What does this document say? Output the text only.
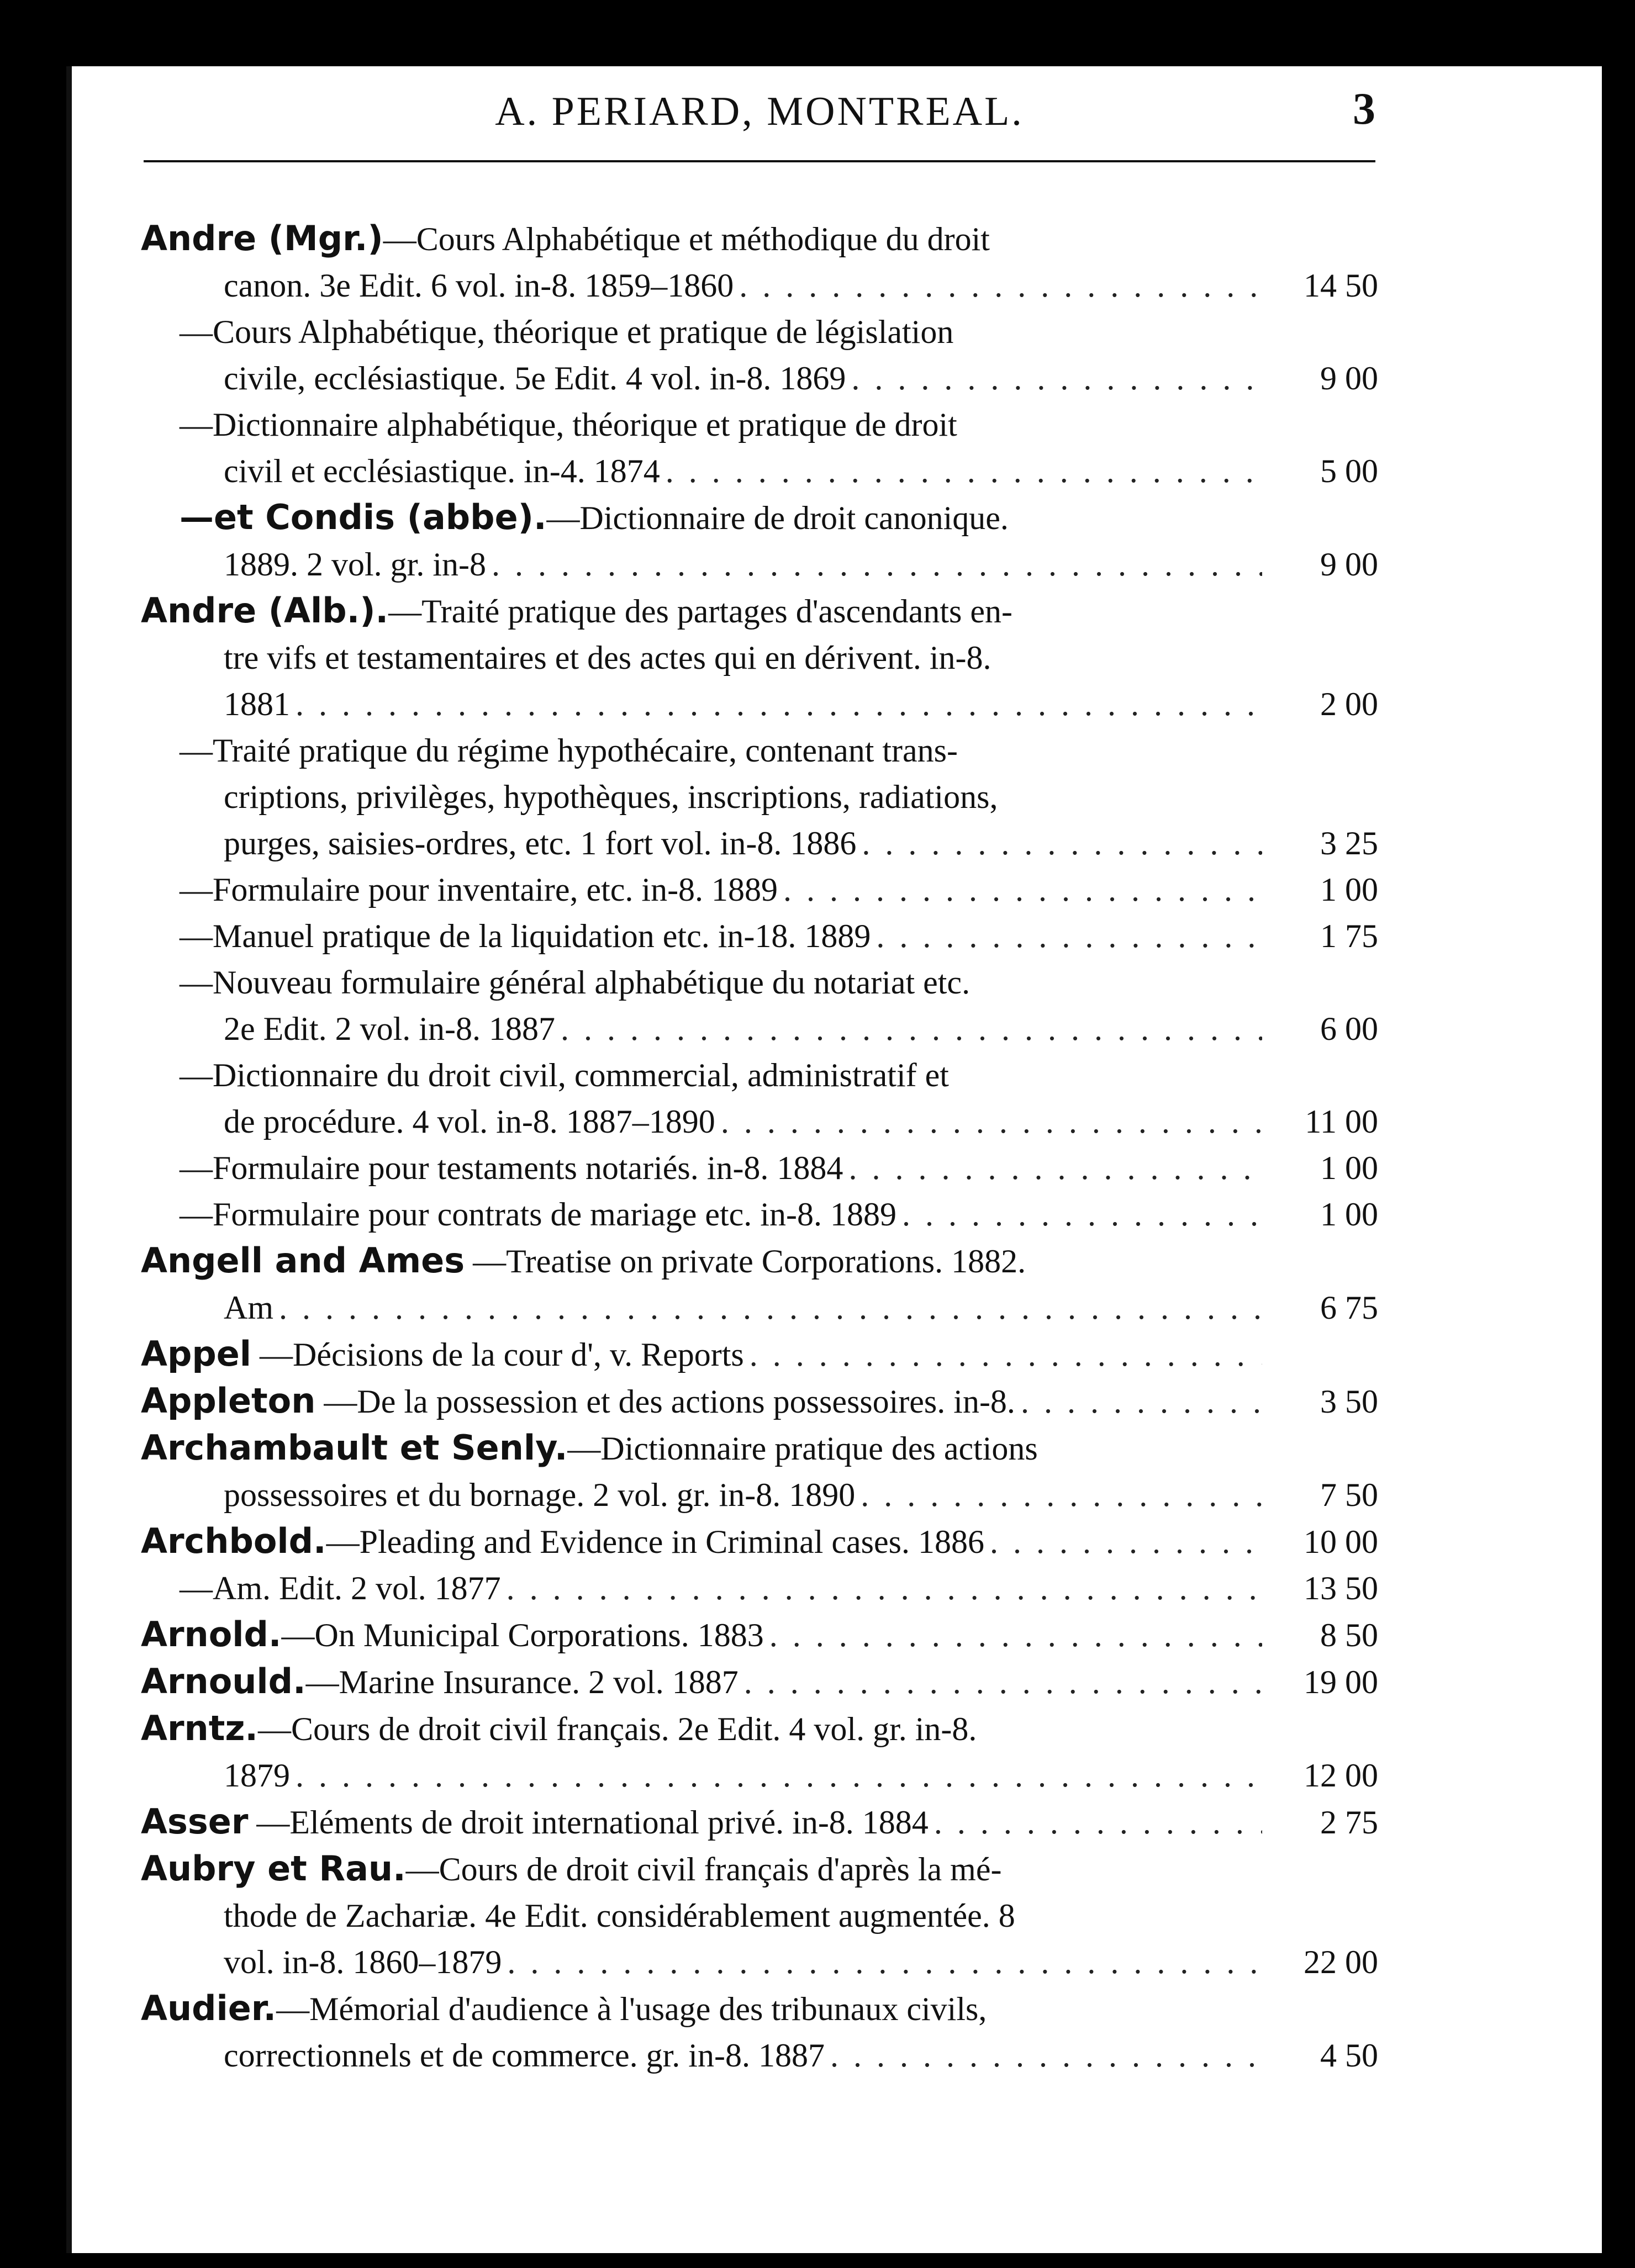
A. PERIARD, MONTREAL.	3
Andre (Mgr.)—Cours Alphabétique et méthodique du droit
canon. 3e Edit. 6 vol. in-8. 1859–1860 . . .	14 50
—Cours Alphabétique, théorique et pratique de législation
civile, ecclésiastique. 5e Edit. 4 vol. in-8. 1869 . . .	9 00
—Dictionnaire alphabétique, théorique et pratique de droit
civil et ecclésiastique. in-4. 1874 . . .	5 00
—et Condis (abbe).—Dictionnaire de droit canonique.
1889. 2 vol. gr. in-8 . . .	9 00
Andre (Alb.).—Traité pratique des partages d'ascendants en-
tre vifs et testamentaires et des actes qui en dérivent. in-8.
1881 . . .	2 00
—Traité pratique du régime hypothécaire, contenant trans-
criptions, privilèges, hypothèques, inscriptions, radiations,
purges, saisies-ordres, etc. 1 fort vol. in-8. 1886 . . .	3 25
—Formulaire pour inventaire, etc. in-8. 1889 . . .	1 00
—Manuel pratique de la liquidation etc. in-18. 1889 . . .	1 75
—Nouveau formulaire général alphabétique du notariat etc.
2e Edit. 2 vol. in-8. 1887 . . .	6 00
—Dictionnaire du droit civil, commercial, administratif et
de procédure. 4 vol. in-8. 1887–1890 . . .	11 00
—Formulaire pour testaments notariés. in-8. 1884 . . .	1 00
—Formulaire pour contrats de mariage etc. in-8. 1889 . . .	1 00
Angell and Ames —Treatise on private Corporations. 1882.
Am . . .	6 75
Appel —Décisions de la cour d', v. Reports
. . .
Appleton —De la possession et des actions possessoires. in-8. . . .	3 50
Archambault et Senly.—Dictionnaire pratique des actions
possessoires et du bornage. 2 vol. gr. in-8. 1890 . . .	7 50
Archbold.—Pleading and Evidence in Criminal cases. 1886 . . .	10 00
—Am. Edit. 2 vol. 1877 . . .	13 50
Arnold.—On Municipal Corporations. 1883 . . .	8 50
Arnould.—Marine Insurance. 2 vol. 1887 . . .	19 00
Arntz.—Cours de droit civil français. 2e Edit. 4 vol. gr. in-8.
1879 . . .	12 00
Asser —Eléments de droit international privé. in-8. 1884 . . .	2 75
Aubry et Rau.—Cours de droit civil français d'après la mé-
thode de Zachariæ. 4e Edit. considérablement augmentée. 8
vol. in-8. 1860–1879 . . .	22 00
Audier.—Mémorial d'audience à l'usage des tribunaux civils,
correctionnels et de commerce. gr. in-8. 1887 . . .	4 50
